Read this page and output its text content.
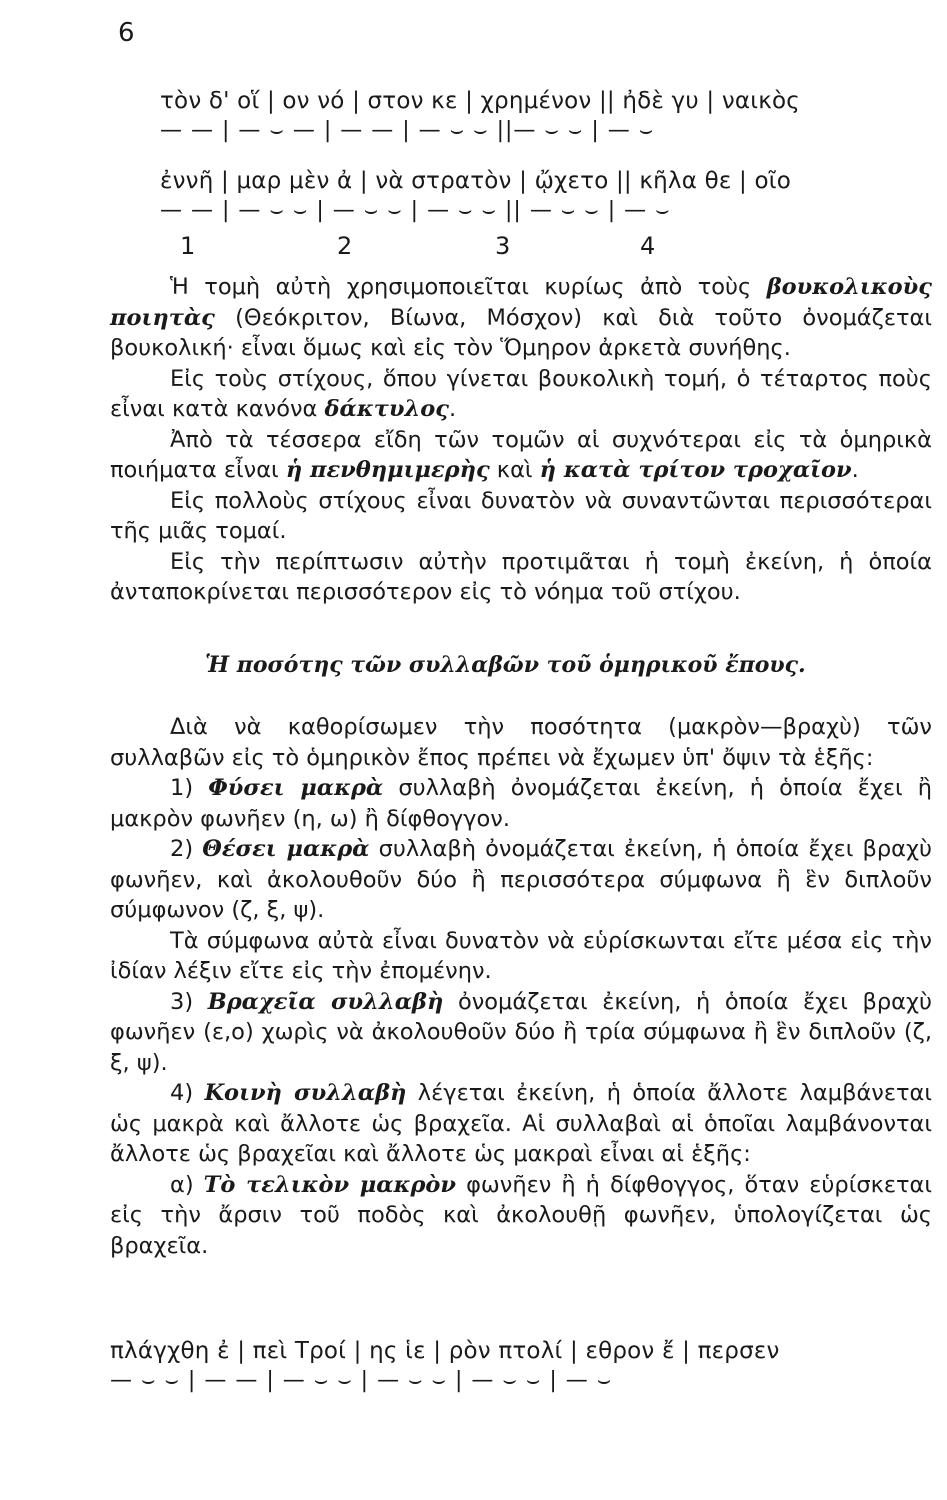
6
τὸν δ' οἵ | ον νό | στον κε | χρημένον || ἠδὲ γυ | ναικὸς
— — | — ⌣ — | — — | — ⌣ ⌣ ||— ⌣ ⌣ | — ⌣
ἐννῆ | μαρ μὲν ἀ | νὰ στρατὸν | ᾤχετο || κῆλα θε | οῖο
— — | — ⌣ ⌣ | — ⌣ ⌣ | — ⌣ ⌣ || — ⌣ ⌣ | — ⌣
1	2	3	4

Ἡ τομὴ αὐτὴ χρησιμοποιεῖται κυρίως ἀπὸ τοὺς βουκολικοὺς ποιητὰς (Θεόκριτον, Βίωνα, Μόσχον) καὶ διὰ τοῦτο ὀνομάζεται βουκολική· εἶναι ὅμως καὶ εἰς τὸν Ὅμηρον ἀρκετὰ συνήθης.

Εἰς τοὺς στίχους, ὅπου γίνεται βουκολικὴ τομή, ὁ τέταρτος ποὺς εἶναι κατὰ κανόνα δάκτυλος.

Ἀπὸ τὰ τέσσερα εἴδη τῶν τομῶν αἱ συχνότεραι εἰς τὰ ὁμηρικὰ ποιήματα εἶναι ἡ πενθημιμερὴς καὶ ἡ κατὰ τρίτον τροχαῖον.

Εἰς πολλοὺς στίχους εἶναι δυνατὸν νὰ συναντῶνται περισσότεραι τῆς μιᾶς τομαί.

Εἰς τὴν περίπτωσιν αὐτὴν προτιμᾶται ἡ τομὴ ἐκείνη, ἡ ὁποία ἀνταποκρίνεται περισσότερον εἰς τὸ νόημα τοῦ στίχου.

Ἡ ποσότης τῶν συλλαβῶν τοῦ ὁμηρικοῦ ἔπους.

Διὰ νὰ καθορίσωμεν τὴν ποσότητα (μακρὸν—βραχὺ) τῶν συλλαβῶν εἰς τὸ ὁμηρικὸν ἔπος πρέπει νὰ ἔχωμεν ὑπ' ὄψιν τὰ ἑξῆς:

1) Φύσει μακρὰ συλλαβὴ ὀνομάζεται ἐκείνη, ἡ ὁποία ἔχει ἢ μακρὸν φωνῆεν (η, ω) ἢ δίφθογγον.

2) Θέσει μακρὰ συλλαβὴ ὀνομάζεται ἐκείνη, ἡ ὁποία ἔχει βραχὺ φωνῆεν, καὶ ἀκολουθοῦν δύο ἢ περισσότερα σύμφωνα ἢ ἓν διπλοῦν σύμφωνον (ζ, ξ, ψ).

Τὰ σύμφωνα αὐτὰ εἶναι δυνατὸν νὰ εὑρίσκωνται εἴτε μέσα εἰς τὴν ἰδίαν λέξιν εἴτε εἰς τὴν ἐπομένην.

3) Βραχεῖα συλλαβὴ ὀνομάζεται ἐκείνη, ἡ ὁποία ἔχει βραχὺ φωνῆεν (ε,ο) χωρὶς νὰ ἀκολουθοῦν δύο ἢ τρία σύμφωνα ἢ ἓν διπλοῦν (ζ, ξ, ψ).

4) Κοινὴ συλλαβὴ λέγεται ἐκείνη, ἡ ὁποία ἄλλοτε λαμβάνεται ὡς μακρὰ καὶ ἄλλοτε ὡς βραχεῖα. Αἱ συλλαβαὶ αἱ ὁποῖαι λαμβάνονται ἄλλοτε ὡς βραχεῖαι καὶ ἄλλοτε ὡς μακραὶ εἶναι αἱ ἑξῆς:

α) Τὸ τελικὸν μακρὸν φωνῆεν ἢ ἡ δίφθογγος, ὅταν εὑρίσκεται εἰς τὴν ἄρσιν τοῦ ποδὸς καὶ ἀκολουθῇ φωνῆεν, ὑπολογίζεται ὡς βραχεῖα.

πλάγχθη ἐ | πεὶ Τροί | ης ἱε | ρὸν πτολί | εθρον ἔ | περσεν
— ⌣ ⌣ | — — | — ⌣ ⌣ | — ⌣ ⌣ | — ⌣ ⌣ | — ⌣
